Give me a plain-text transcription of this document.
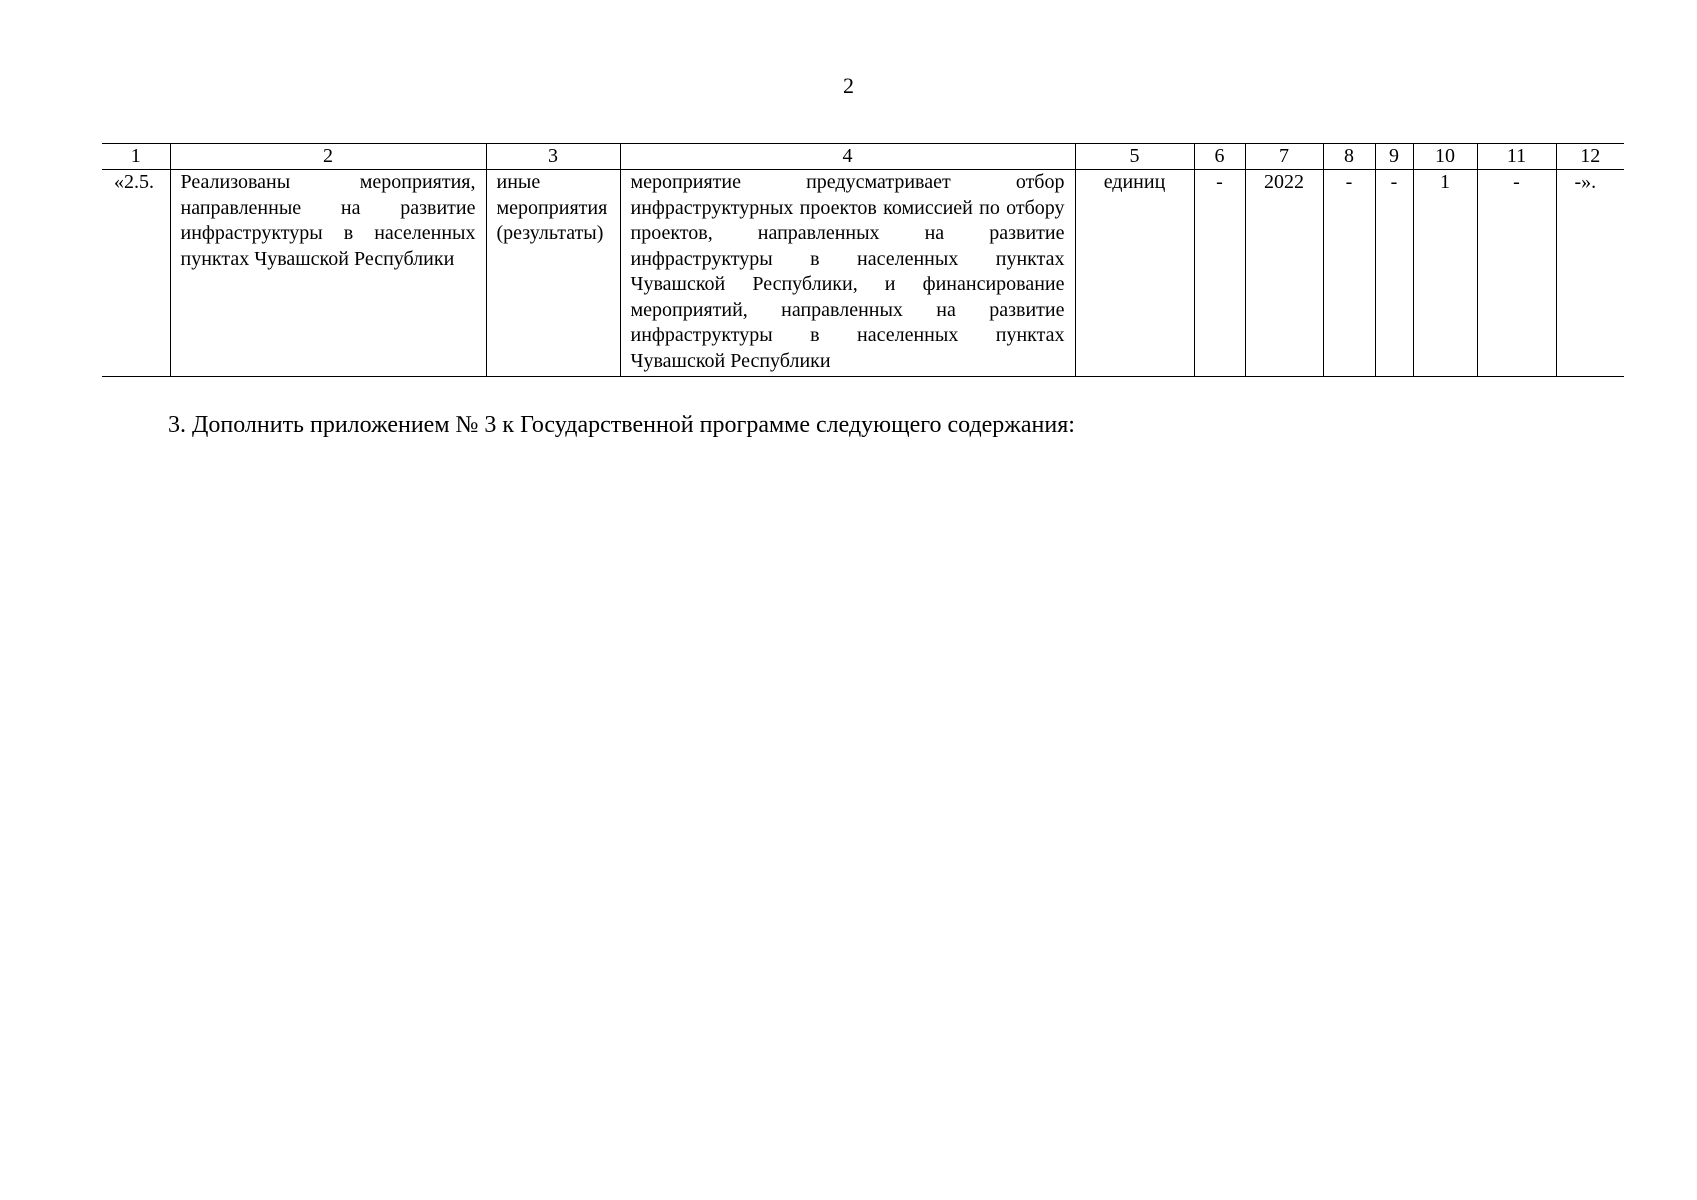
2
1	2	3	4	5	6	7	8	9	10	11	12
«2.5.	Реализованы мероприятия, направленные на развитие инфраструктуры в населенных пунктах Чувашской Республики	иные мероприятия (результаты)	мероприятие предусматривает отбор инфраструктурных проектов комиссией по отбору проектов, направленных на развитие инфраструктуры в населенных пунктах Чувашской Республики, и финансирование мероприятий, направленных на развитие инфраструктуры в населенных пунктах Чувашской Республики	единиц	-	2022	-	-	1	-	-».
3. Дополнить приложением № 3 к Государственной программе следующего содержания:
